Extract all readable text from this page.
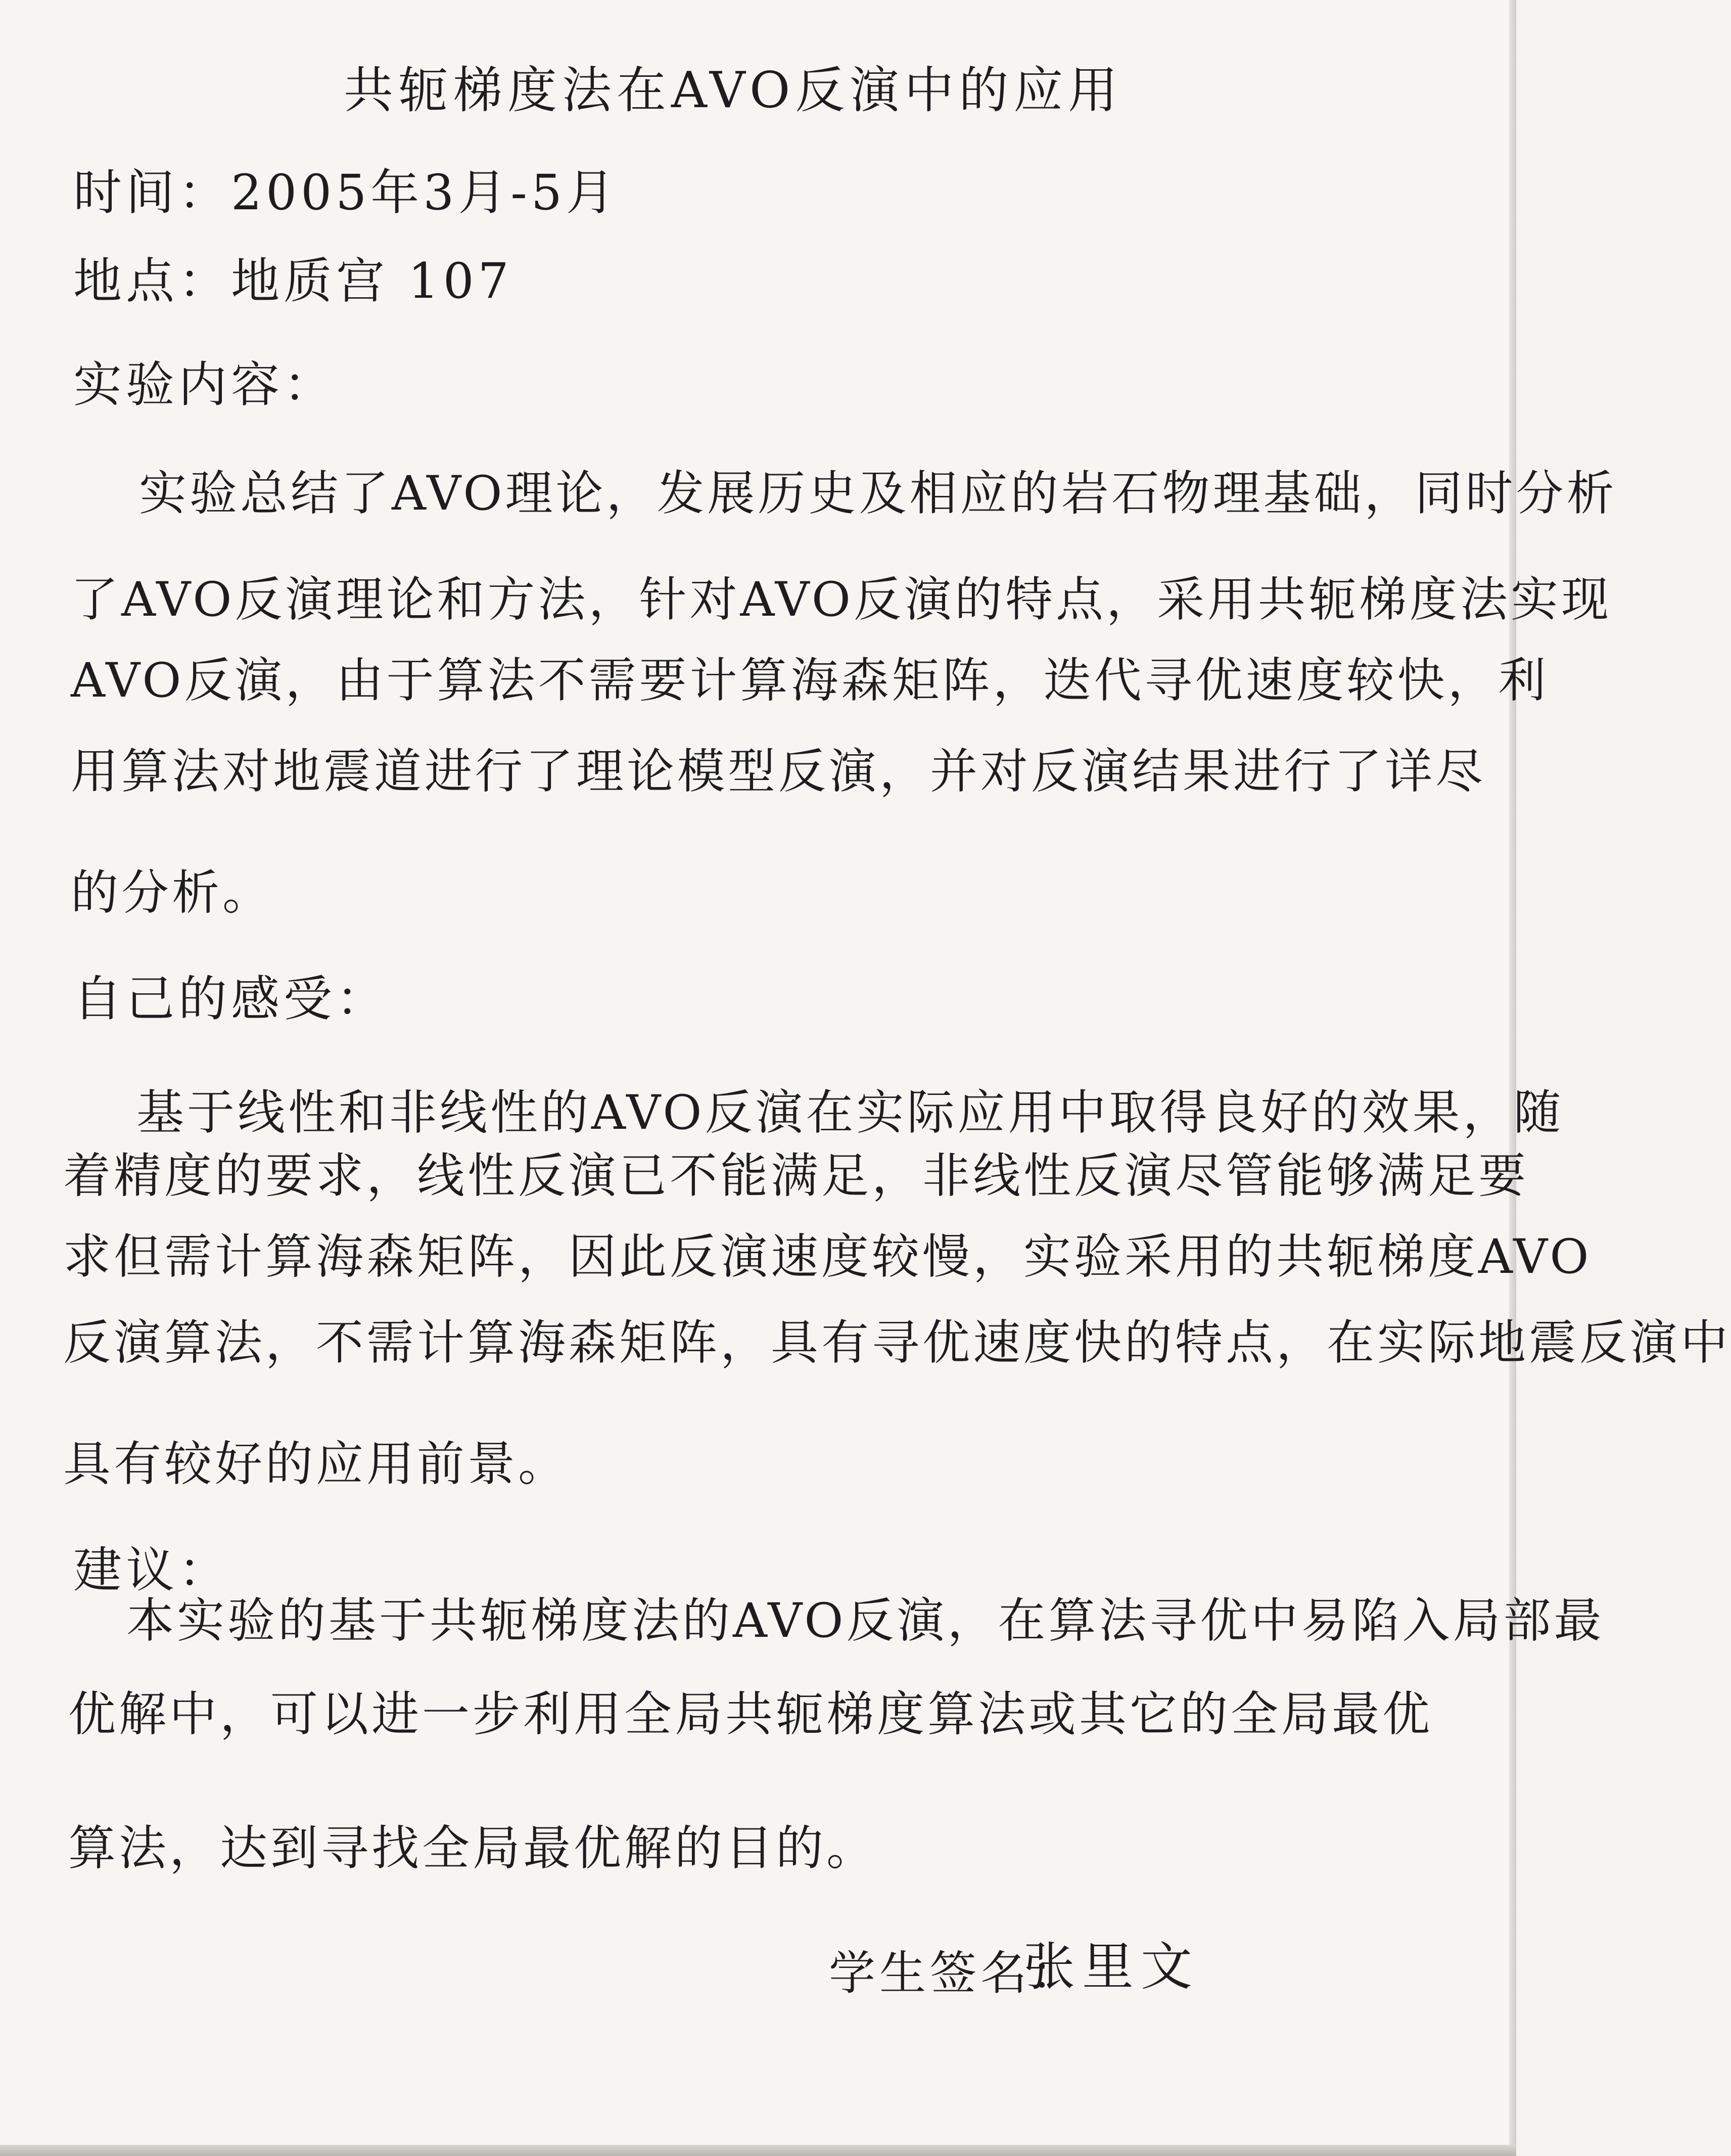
共轭梯度法在AVO反演中的应用
时间：2005年3月-5月
地点：地质宫 107
实验内容：
实验总结了AVO理论，发展历史及相应的岩石物理基础，同时分析
了AVO反演理论和方法，针对AVO反演的特点，采用共轭梯度法实现
AVO反演，由于算法不需要计算海森矩阵，迭代寻优速度较快，利
用算法对地震道进行了理论模型反演，并对反演结果进行了详尽
的分析。
自己的感受：
基于线性和非线性的AVO反演在实际应用中取得良好的效果，随
着精度的要求，线性反演已不能满足，非线性反演尽管能够满足要
求但需计算海森矩阵，因此反演速度较慢，实验采用的共轭梯度AVO
反演算法，不需计算海森矩阵，具有寻优速度快的特点，在实际地震反演中
具有较好的应用前景。
建议：
本实验的基于共轭梯度法的AVO反演，在算法寻优中易陷入局部最
优解中，可以进一步利用全局共轭梯度算法或其它的全局最优
算法，达到寻找全局最优解的目的。
学生签名：
张里文
